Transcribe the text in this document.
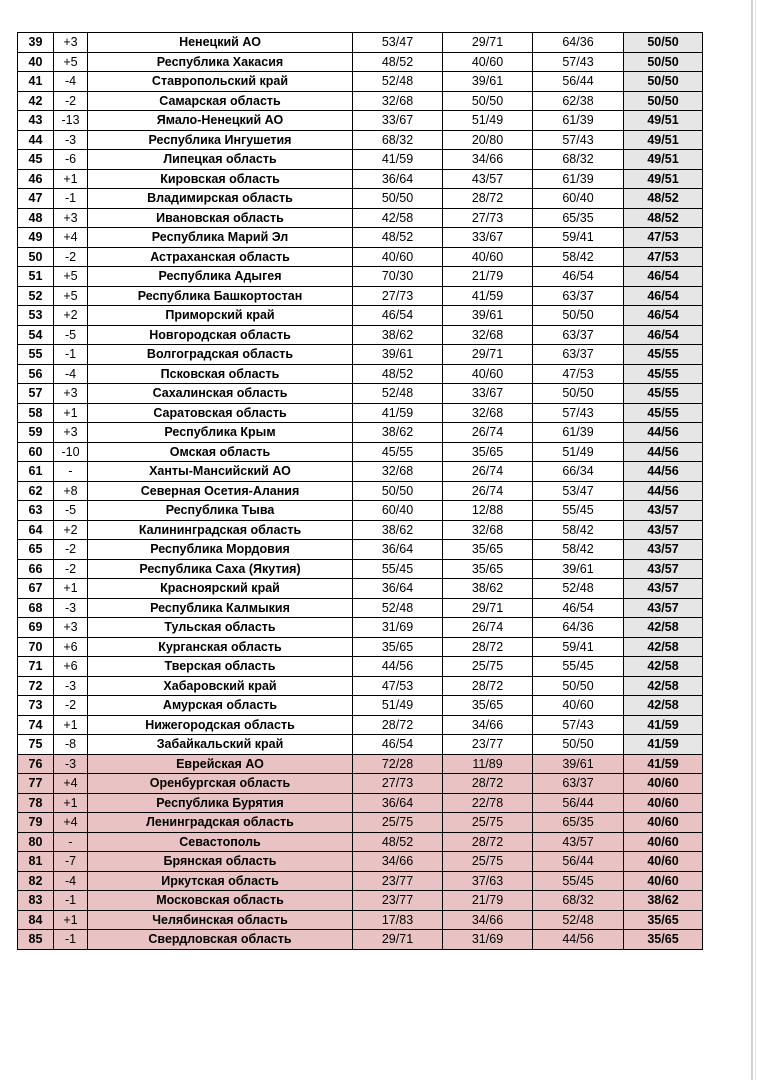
39	+3	Ненецкий АО	53/47	29/71	64/36	50/50
40	+5	Республика Хакасия	48/52	40/60	57/43	50/50
41	-4	Ставропольский край	52/48	39/61	56/44	50/50
42	-2	Самарская область	32/68	50/50	62/38	50/50
43	-13	Ямало-Ненецкий АО	33/67	51/49	61/39	49/51
44	-3	Республика Ингушетия	68/32	20/80	57/43	49/51
45	-6	Липецкая область	41/59	34/66	68/32	49/51
46	+1	Кировская область	36/64	43/57	61/39	49/51
47	-1	Владимирская область	50/50	28/72	60/40	48/52
48	+3	Ивановская область	42/58	27/73	65/35	48/52
49	+4	Республика Марий Эл	48/52	33/67	59/41	47/53
50	-2	Астраханская область	40/60	40/60	58/42	47/53
51	+5	Республика Адыгея	70/30	21/79	46/54	46/54
52	+5	Республика Башкортостан	27/73	41/59	63/37	46/54
53	+2	Приморский край	46/54	39/61	50/50	46/54
54	-5	Новгородская область	38/62	32/68	63/37	46/54
55	-1	Волгоградская область	39/61	29/71	63/37	45/55
56	-4	Псковская область	48/52	40/60	47/53	45/55
57	+3	Сахалинская область	52/48	33/67	50/50	45/55
58	+1	Саратовская область	41/59	32/68	57/43	45/55
59	+3	Республика Крым	38/62	26/74	61/39	44/56
60	-10	Омская область	45/55	35/65	51/49	44/56
61	-	Ханты-Мансийский АО	32/68	26/74	66/34	44/56
62	+8	Северная Осетия-Алания	50/50	26/74	53/47	44/56
63	-5	Республика Тыва	60/40	12/88	55/45	43/57
64	+2	Калининградская область	38/62	32/68	58/42	43/57
65	-2	Республика Мордовия	36/64	35/65	58/42	43/57
66	-2	Республика Саха (Якутия)	55/45	35/65	39/61	43/57
67	+1	Красноярский край	36/64	38/62	52/48	43/57
68	-3	Республика Калмыкия	52/48	29/71	46/54	43/57
69	+3	Тульская область	31/69	26/74	64/36	42/58
70	+6	Курганская область	35/65	28/72	59/41	42/58
71	+6	Тверская область	44/56	25/75	55/45	42/58
72	-3	Хабаровский край	47/53	28/72	50/50	42/58
73	-2	Амурская область	51/49	35/65	40/60	42/58
74	+1	Нижегородская область	28/72	34/66	57/43	41/59
75	-8	Забайкальский край	46/54	23/77	50/50	41/59
76	-3	Еврейская АО	72/28	11/89	39/61	41/59
77	+4	Оренбургская область	27/73	28/72	63/37	40/60
78	+1	Республика Бурятия	36/64	22/78	56/44	40/60
79	+4	Ленинградская область	25/75	25/75	65/35	40/60
80	-	Севастополь	48/52	28/72	43/57	40/60
81	-7	Брянская область	34/66	25/75	56/44	40/60
82	-4	Иркутская область	23/77	37/63	55/45	40/60
83	-1	Московская область	23/77	21/79	68/32	38/62
84	+1	Челябинская область	17/83	34/66	52/48	35/65
85	-1	Свердловская область	29/71	31/69	44/56	35/65
